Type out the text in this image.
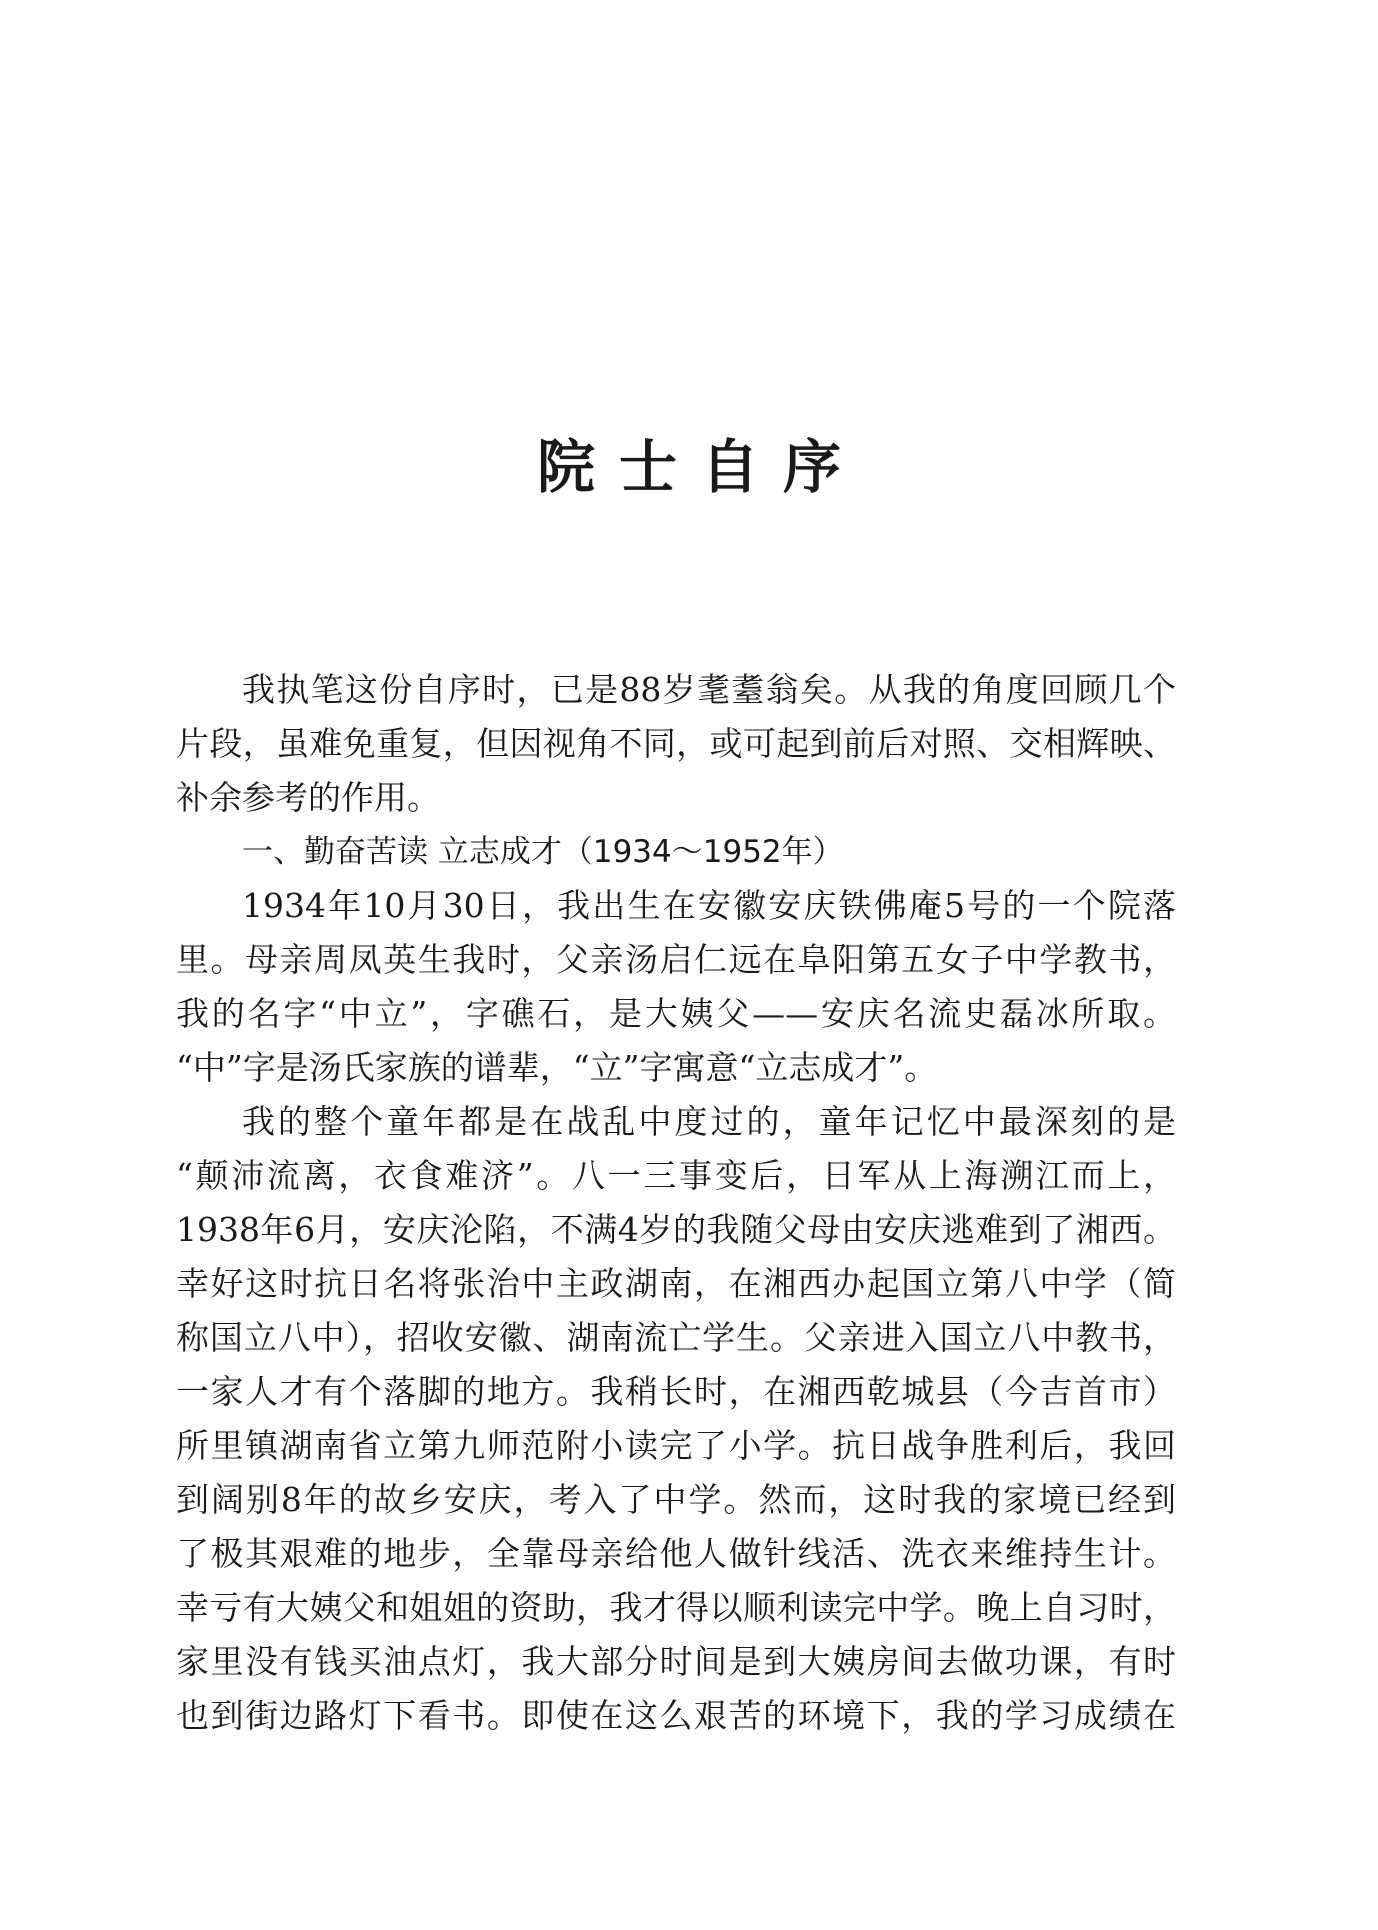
院士自序
我执笔这份自序时，已是88岁耄耋翁矣。从我的角度回顾几个
片段，虽难免重复，但因视角不同，或可起到前后对照、交相辉映、
补余参考的作用。
一、勤奋苦读 立志成才（1934～1952年）
1934年10月30日，我出生在安徽安庆铁佛庵5号的一个院落
里。母亲周凤英生我时，父亲汤启仁远在阜阳第五女子中学教书，
我的名字“中立”，字礁石，是大姨父——安庆名流史磊冰所取。
“中”字是汤氏家族的谱辈，“立”字寓意“立志成才”。
我的整个童年都是在战乱中度过的，童年记忆中最深刻的是
“颠沛流离，衣食难济”。八一三事变后，日军从上海溯江而上，
1938年6月，安庆沦陷，不满4岁的我随父母由安庆逃难到了湘西。
幸好这时抗日名将张治中主政湖南，在湘西办起国立第八中学（简
称国立八中），招收安徽、湖南流亡学生。父亲进入国立八中教书，
一家人才有个落脚的地方。我稍长时，在湘西乾城县（今吉首市）
所里镇湖南省立第九师范附小读完了小学。抗日战争胜利后，我回
到阔别8年的故乡安庆，考入了中学。然而，这时我的家境已经到
了极其艰难的地步，全靠母亲给他人做针线活、洗衣来维持生计。
幸亏有大姨父和姐姐的资助，我才得以顺利读完中学。晚上自习时，
家里没有钱买油点灯，我大部分时间是到大姨房间去做功课，有时
也到街边路灯下看书。即使在这么艰苦的环境下，我的学习成绩在
